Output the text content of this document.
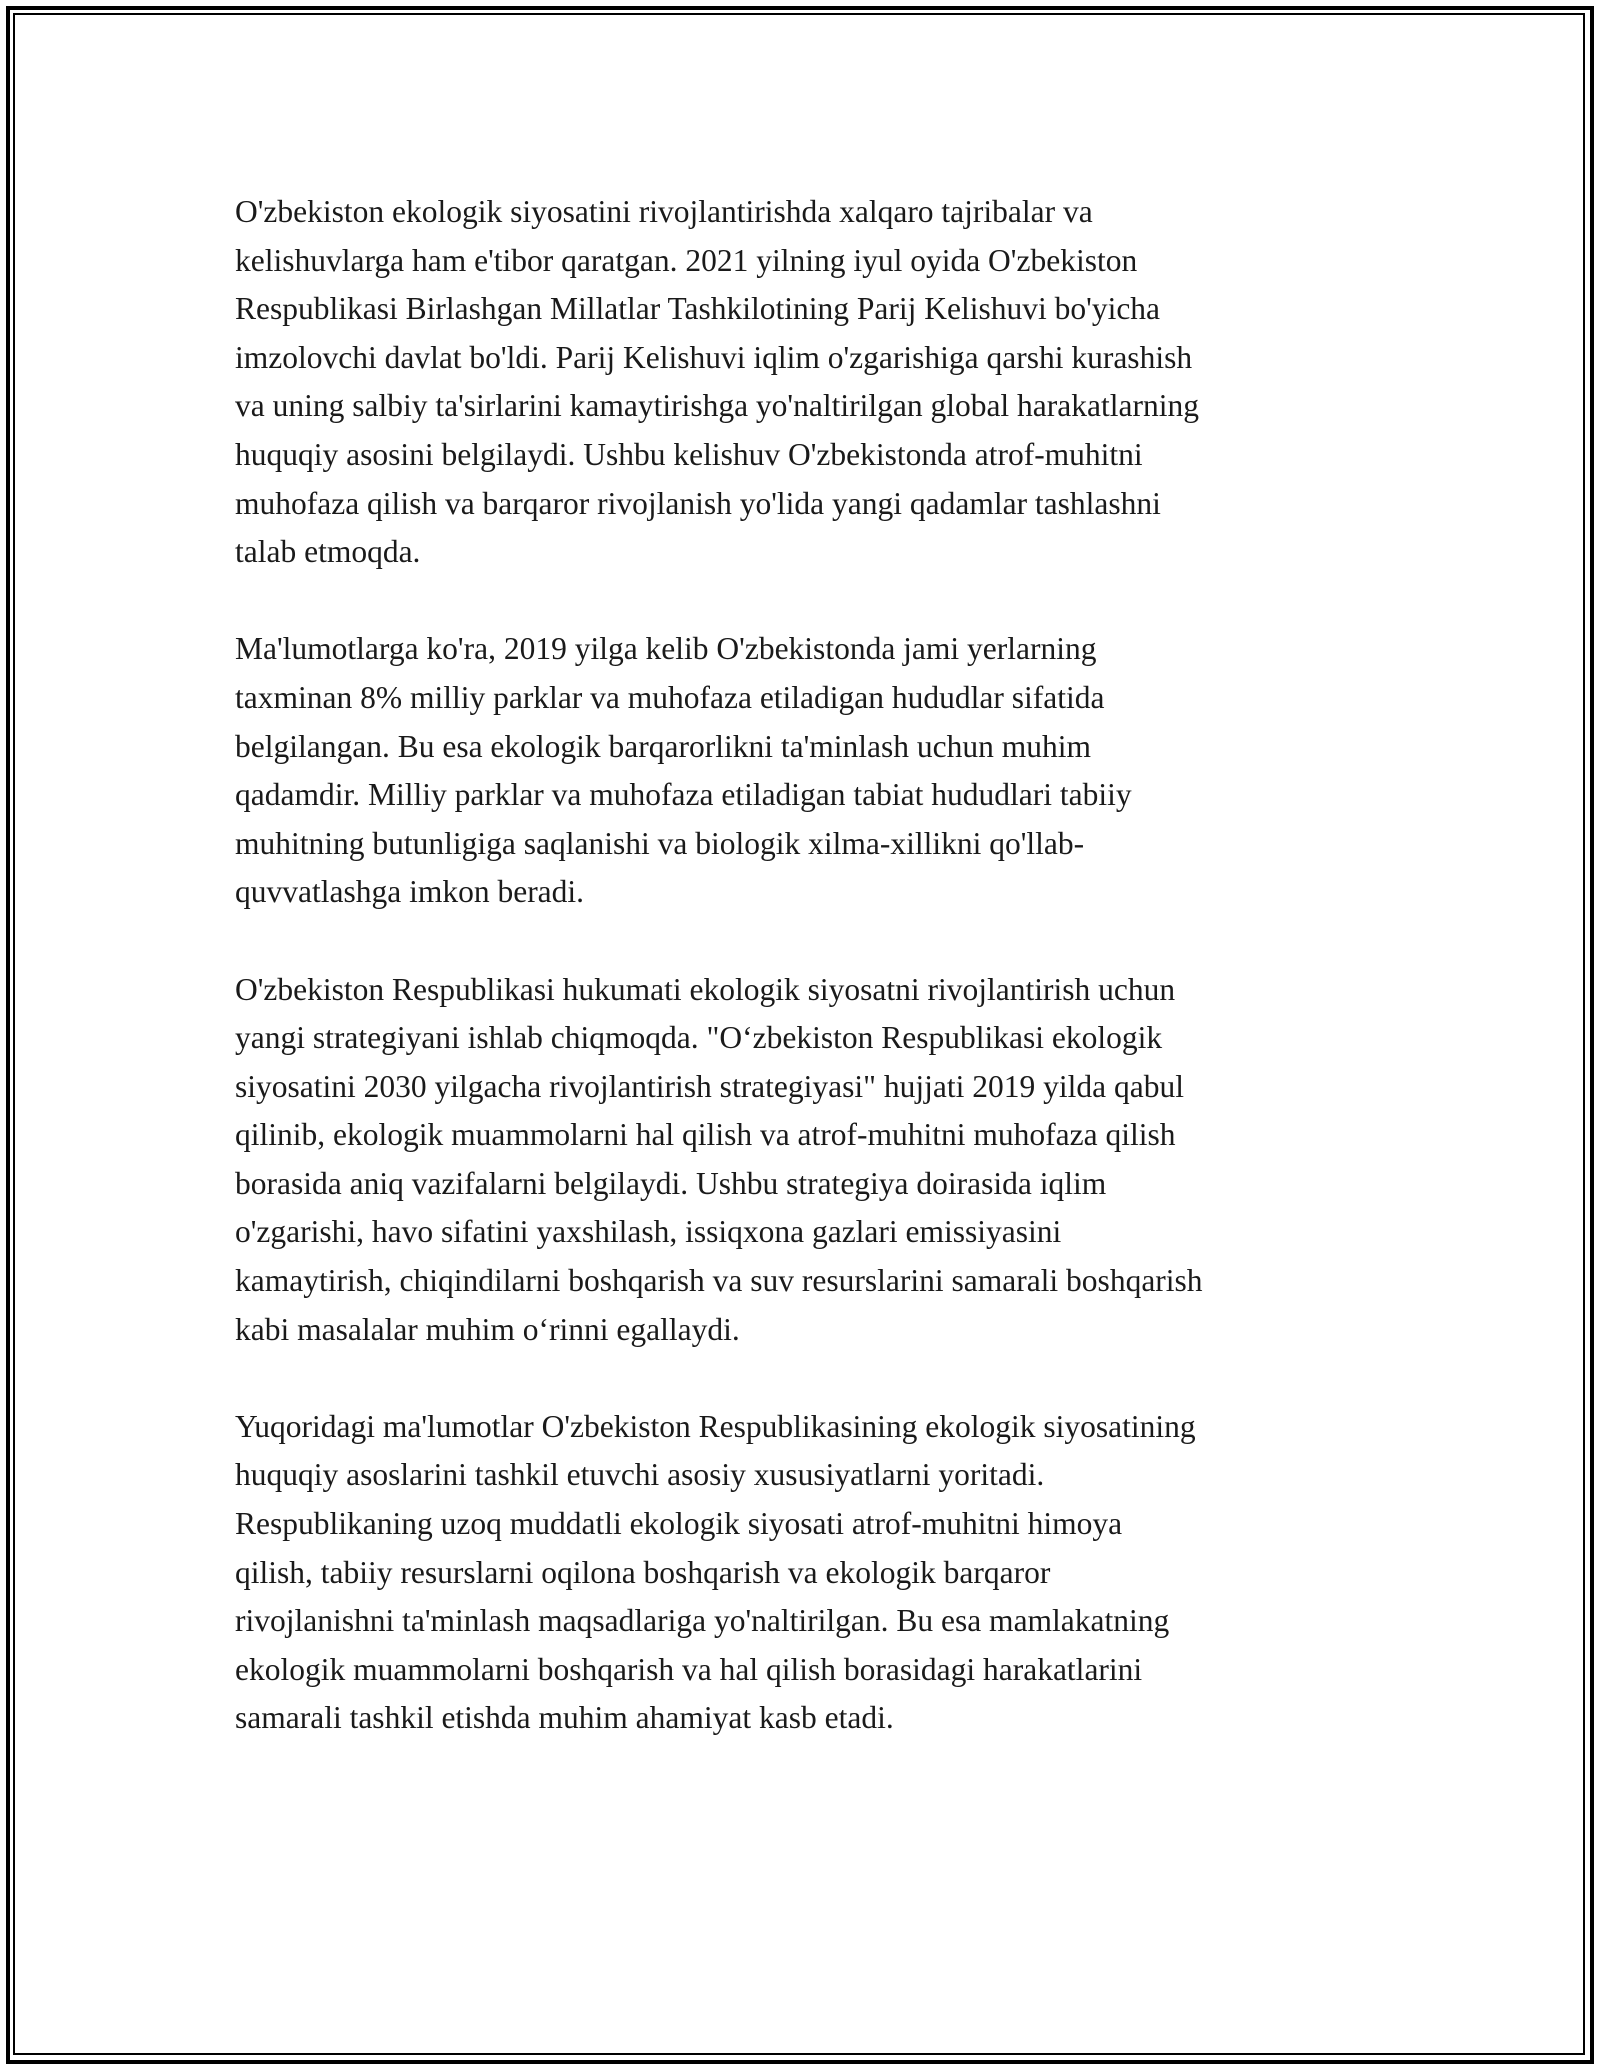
O'zbekiston ekologik siyosatini rivojlantirishda xalqaro tajribalar va
kelishuvlarga ham e'tibor qaratgan. 2021 yilning iyul oyida O'zbekiston
Respublikasi Birlashgan Millatlar Tashkilotining Parij Kelishuvi bo'yicha
imzolovchi davlat bo'ldi. Parij Kelishuvi iqlim o'zgarishiga qarshi kurashish
va uning salbiy ta'sirlarini kamaytirishga yo'naltirilgan global harakatlarning
huquqiy asosini belgilaydi. Ushbu kelishuv O'zbekistonda atrof-muhitni
muhofaza qilish va barqaror rivojlanish yo'lida yangi qadamlar tashlashni
talab etmoqda.

Ma'lumotlarga ko'ra, 2019 yilga kelib O'zbekistonda jami yerlarning
taxminan 8% milliy parklar va muhofaza etiladigan hududlar sifatida
belgilangan. Bu esa ekologik barqarorlikni ta'minlash uchun muhim
qadamdir. Milliy parklar va muhofaza etiladigan tabiat hududlari tabiiy
muhitning butunligiga saqlanishi va biologik xilma-xillikni qo'llab-
quvvatlashga imkon beradi.

O'zbekiston Respublikasi hukumati ekologik siyosatni rivojlantirish uchun
yangi strategiyani ishlab chiqmoqda. "O‘zbekiston Respublikasi ekologik
siyosatini 2030 yilgacha rivojlantirish strategiyasi" hujjati 2019 yilda qabul
qilinib, ekologik muammolarni hal qilish va atrof-muhitni muhofaza qilish
borasida aniq vazifalarni belgilaydi. Ushbu strategiya doirasida iqlim
o'zgarishi, havo sifatini yaxshilash, issiqxona gazlari emissiyasini
kamaytirish, chiqindilarni boshqarish va suv resurslarini samarali boshqarish
kabi masalalar muhim o‘rinni egallaydi.

Yuqoridagi ma'lumotlar O'zbekiston Respublikasining ekologik siyosatining
huquqiy asoslarini tashkil etuvchi asosiy xususiyatlarni yoritadi.
Respublikaning uzoq muddatli ekologik siyosati atrof-muhitni himoya
qilish, tabiiy resurslarni oqilona boshqarish va ekologik barqaror
rivojlanishni ta'minlash maqsadlariga yo'naltirilgan. Bu esa mamlakatning
ekologik muammolarni boshqarish va hal qilish borasidagi harakatlarini
samarali tashkil etishda muhim ahamiyat kasb etadi.
